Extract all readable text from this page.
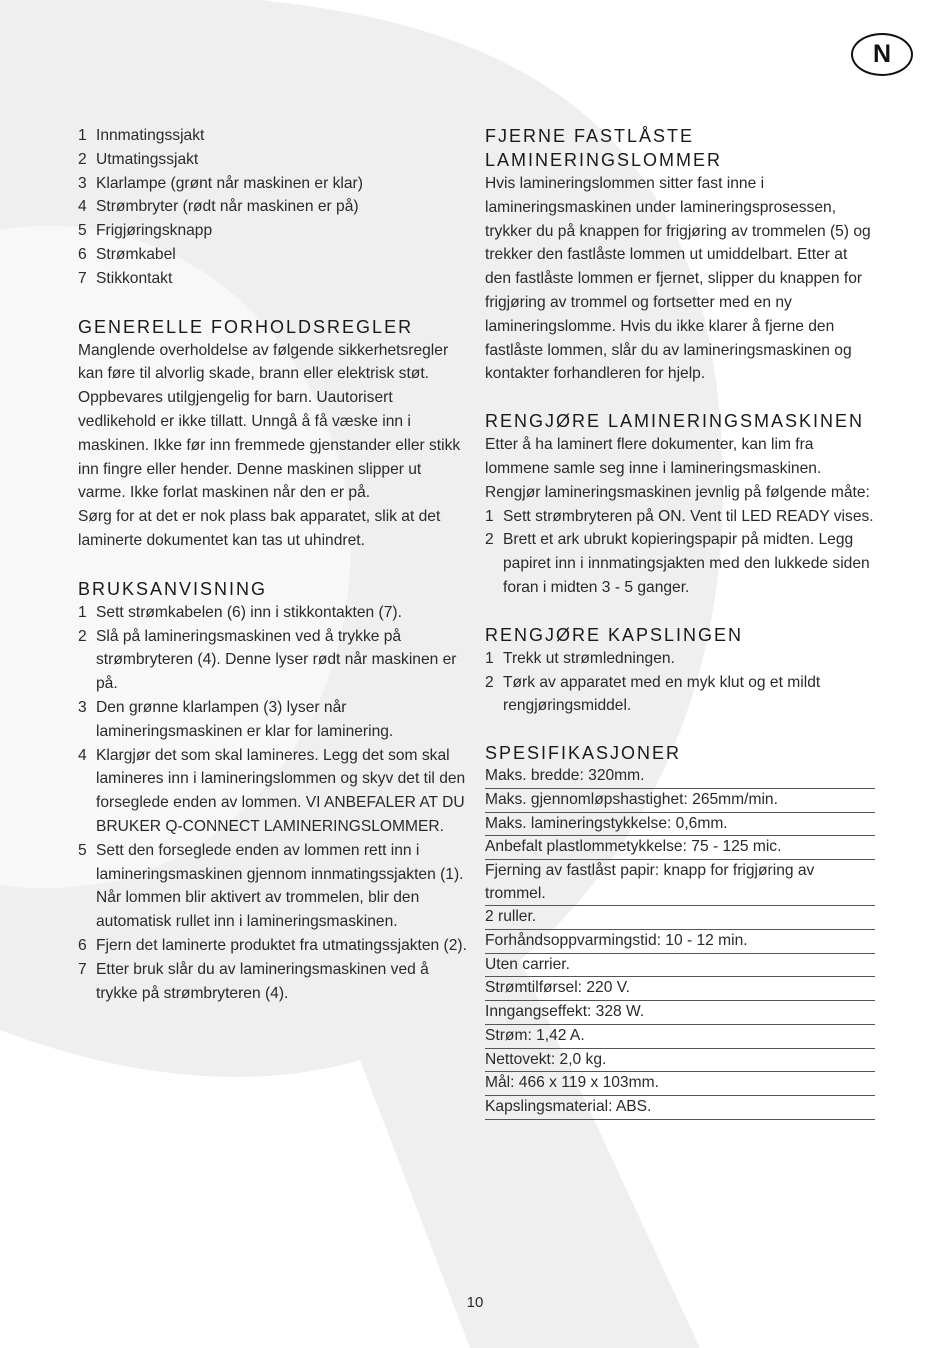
N
1 Innmatingssjakt
2 Utmatingssjakt
3 Klarlampe (grønt når maskinen er klar)
4 Strømbryter (rødt når maskinen er på)
5 Frigjøringsknapp
6 Strømkabel
7 Stikkontakt
GENERELLE FORHOLDSREGLER

Manglende overholdelse av følgende sikkerhetsregler kan føre til alvorlig skade, brann eller elektrisk støt. Oppbevares utilgjengelig for barn. Uautorisert vedlikehold er ikke tillatt. Unngå å få væske inn i maskinen. Ikke før inn fremmede gjenstander eller stikk inn fingre eller hender. Denne maskinen slipper ut varme. Ikke forlat maskinen når den er på.

Sørg for at det er nok plass bak apparatet, slik at det laminerte dokumentet kan tas ut uhindret.

BRUKSANVISNING
1 Sett strømkabelen (6) inn i stikkontakten (7).
2 Slå på lamineringsmaskinen ved å trykke på strømbryteren (4). Denne lyser rødt når maskinen er på.
3 Den grønne klarlampen (3) lyser når lamineringsmaskinen er klar for laminering.
4 Klargjør det som skal lamineres. Legg det som skal lamineres inn i lamineringslommen og skyv det til den forseglede enden av lommen. VI ANBEFALER AT DU BRUKER Q-CONNECT LAMINERINGSLOMMER.
5 Sett den forseglede enden av lommen rett inn i lamineringsmaskinen gjennom innmatingssjakten (1). Når lommen blir aktivert av trommelen, blir den automatisk rullet inn i lamineringsmaskinen.
6 Fjern det laminerte produktet fra utmatingssjakten (2).
7 Etter bruk slår du av lamineringsmaskinen ved å trykke på strømbryteren (4).
FJERNE FASTLÅSTE LAMINERINGSLOMMER

Hvis lamineringslommen sitter fast inne i lamineringsmaskinen under lamineringsprosessen, trykker du på knappen for frigjøring av trommelen (5) og trekker den fastlåste lommen ut umiddelbart. Etter at den fastlåste lommen er fjernet, slipper du knappen for frigjøring av trommel og fortsetter med en ny lamineringslomme. Hvis du ikke klarer å fjerne den fastlåste lommen, slår du av lamineringsmaskinen og kontakter forhandleren for hjelp.

RENGJØRE LAMINERINGSMASKINEN

Etter å ha laminert flere dokumenter, kan lim fra lommene samle seg inne i lamineringsmaskinen. Rengjør lamineringsmaskinen jevnlig på følgende måte:

1 Sett strømbryteren på ON. Vent til LED READY vises.
2 Brett et ark ubrukt kopieringspapir på midten. Legg papiret inn i innmatingsjakten med den lukkede siden foran i midten 3 - 5 ganger.
RENGJØRE KAPSLINGEN
1 Trekk ut strømledningen.
2 Tørk av apparatet med en myk klut og et mildt rengjøringsmiddel.
SPESIFIKASJONER
Maks. bredde: 320mm.
Maks. gjennomløpshastighet: 265mm/min.
Maks. lamineringstykkelse: 0,6mm.
Anbefalt plastlommetykkelse: 75 - 125 mic.
Fjerning av fastlåst papir: knapp for frigjøring av trommel.
2 ruller.
Forhåndsoppvarmingstid: 10 - 12 min.
Uten carrier.
Strømtilførsel: 220 V.
Inngangseffekt: 328 W.
Strøm: 1,42 A.
Nettovekt: 2,0 kg.
Mål: 466 x 119 x 103mm.
Kapslingsmaterial: ABS.
10
